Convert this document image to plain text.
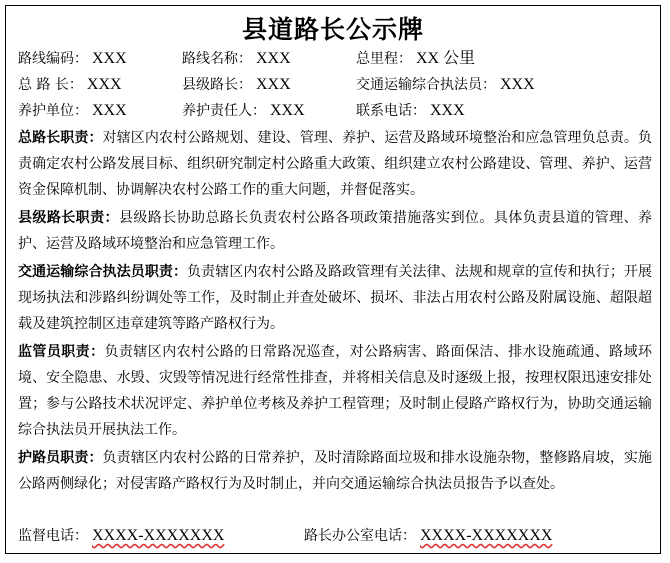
县道路长公示牌
路线编码： XXX	路线名称： XXX	总里程： XX 公里
总 路 长： XXX	县级路长： XXX	交通运输综合执法员： XXX
养护单位： XXX	养护责任人： XXX	联系电话： XXX
总路长职责：对辖区内农村公路规划、建设、管理、养护、运营及路域环境整治和应急管理负总责。负责确定农村公路发展目标、组织研究制定村公路重大政策、组织建立农村公路建设、管理、养护、运营资金保障机制、协调解决农村公路工作的重大问题，并督促落实。
县级路长职责：县级路长协助总路长负责农村公路各项政策措施落实到位。具体负责县道的管理、养护、运营及路域环境整治和应急管理工作。
交通运输综合执法员职责：负责辖区内农村公路及路政管理有关法律、法规和规章的宣传和执行；开展现场执法和涉路纠纷调处等工作，及时制止并查处破坏、损坏、非法占用农村公路及附属设施、超限超载及建筑控制区违章建筑等路产路权行为。
监管员职责：负责辖区内农村公路的日常路况巡查，对公路病害、路面保洁、排水设施疏通、路域环境、安全隐患、水毁、灾毁等情况进行经常性排查，并将相关信息及时逐级上报，按理权限迅速安排处置；参与公路技术状况评定、养护单位考核及养护工程管理；及时制止侵路产路权行为，协助交通运输综合执法员开展执法工作。
护路员职责：负责辖区内农村公路的日常养护，及时清除路面垃圾和排水设施杂物，整修路肩坡，实施公路两侧绿化；对侵害路产路权行为及时制止，并向交通运输综合执法员报告予以查处。
监督电话： XXXX-XXXXXXX	路长办公室电话： XXXX-XXXXXXX
